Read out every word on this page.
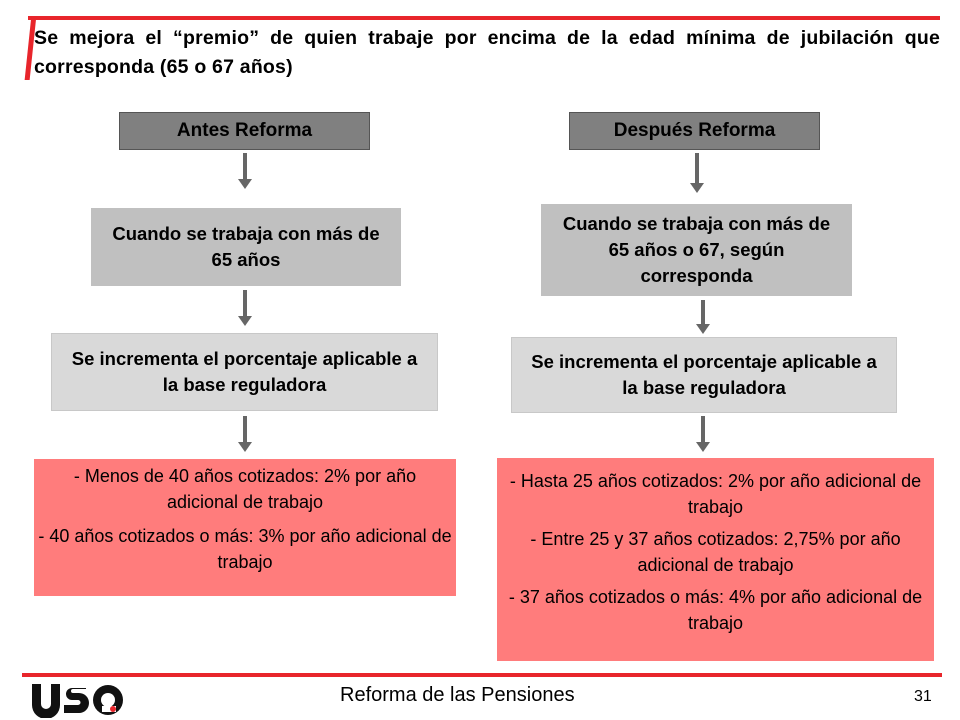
Se mejora el “premio” de quien trabaje por encima de la edad mínima de jubilación que corresponda (65 o 67 años)
Antes Reforma
Cuando se trabaja con más de 65 años
Se incrementa el porcentaje aplicable a la base reguladora
- Menos de 40 años cotizados: 2% por año adicional de trabajo
- 40 años cotizados o más: 3% por año adicional de trabajo
Después Reforma
Cuando se trabaja con más de 65 años o 67, según corresponda
Se incrementa el porcentaje aplicable a la base reguladora
- Hasta 25 años cotizados: 2% por año adicional de trabajo
- Entre 25 y 37 años cotizados: 2,75% por año adicional de trabajo
- 37 años cotizados o más: 4% por año adicional de trabajo
Reforma de las Pensiones	31
